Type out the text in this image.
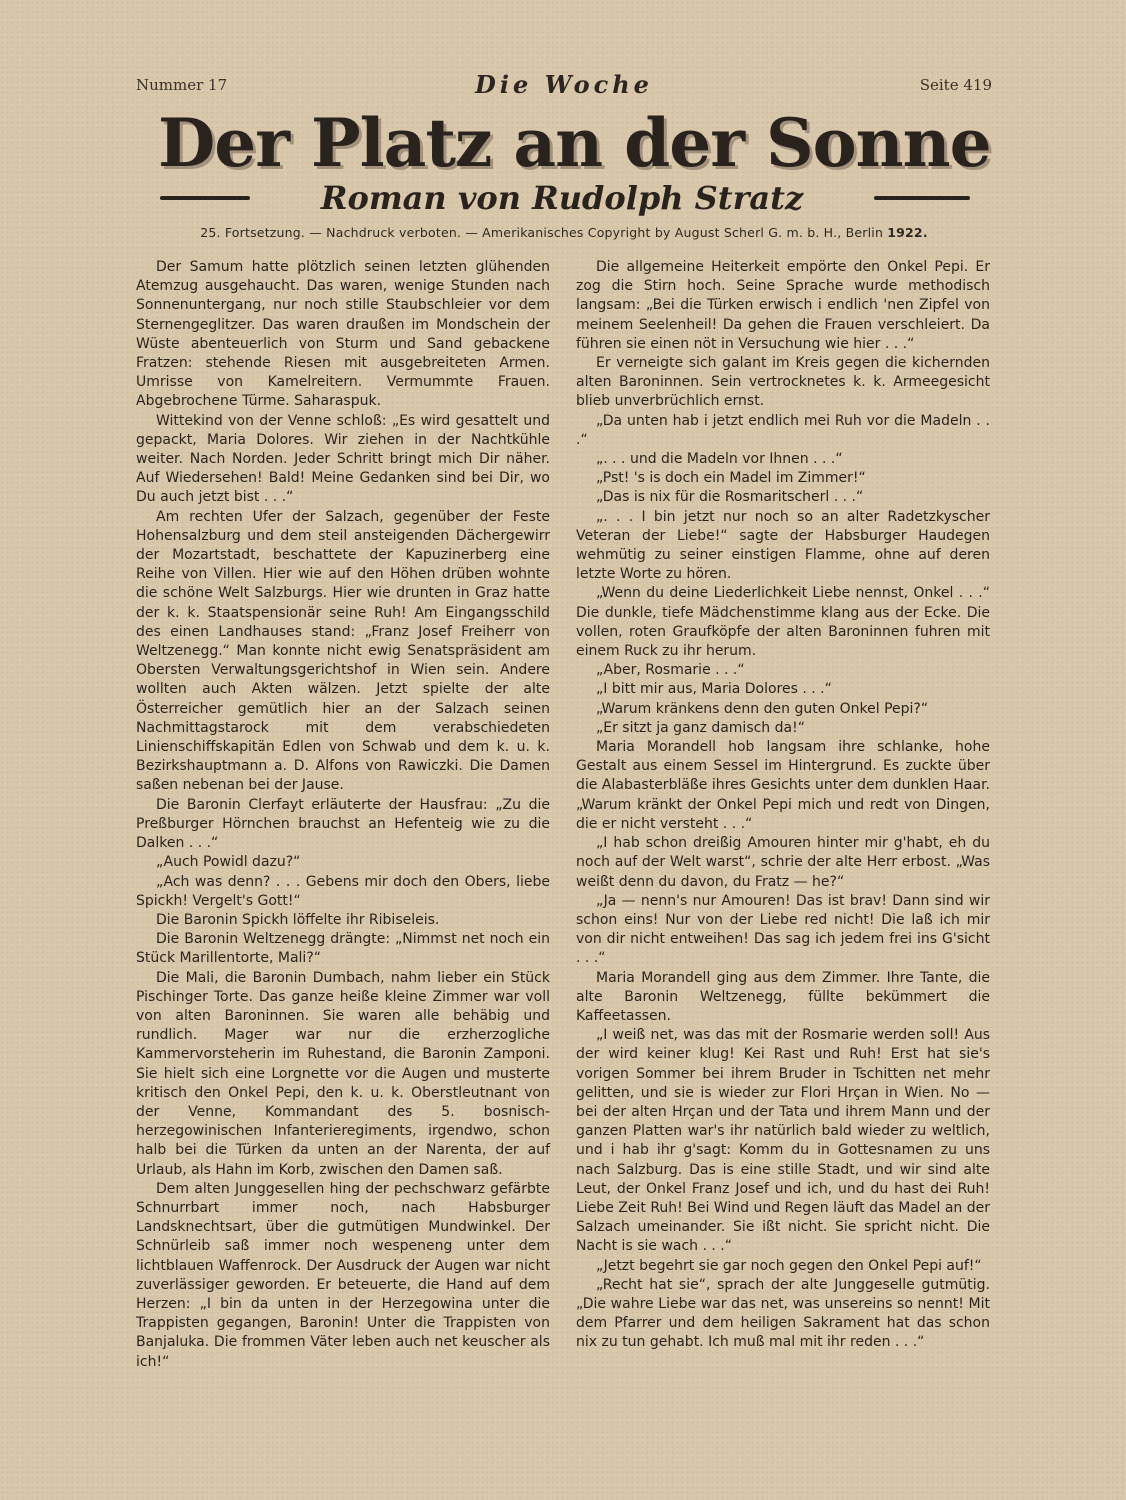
Nummer 17	Die Woche	Seite 419
Der Platz an der Sonne
Roman von Rudolph Stratz
25. Fortsetzung. — Nachdruck verboten. — Amerikanisches Copyright by August Scherl G. m. b. H., Berlin 1922.

Der Samum hatte plötzlich seinen letzten glühenden Atemzug ausgehaucht. Das waren, wenige Stunden nach Sonnenuntergang, nur noch stille Staubschleier vor dem Sternengeglitzer. Das waren draußen im Mondschein der Wüste abenteuerlich von Sturm und Sand gebackene Fratzen: stehende Riesen mit ausgebreiteten Armen. Umrisse von Kamelreitern. Vermummte Frauen. Abgebrochene Türme. Saharaspuk.

Wittekind von der Venne schloß: „Es wird gesattelt und gepackt, Maria Dolores. Wir ziehen in der Nachtkühle weiter. Nach Norden. Jeder Schritt bringt mich Dir näher. Auf Wiedersehen! Bald! Meine Gedanken sind bei Dir, wo Du auch jetzt bist . . .“

Am rechten Ufer der Salzach, gegenüber der Feste Hohensalzburg und dem steil ansteigenden Dächergewirr der Mozartstadt, beschattete der Kapuzinerberg eine Reihe von Villen. Hier wie auf den Höhen drüben wohnte die schöne Welt Salzburgs. Hier wie drunten in Graz hatte der k. k. Staatspensionär seine Ruh! Am Eingangsschild des einen Landhauses stand: „Franz Josef Freiherr von Weltzenegg.“ Man konnte nicht ewig Senatspräsident am Obersten Verwaltungsgerichtshof in Wien sein. Andere wollten auch Akten wälzen. Jetzt spielte der alte Österreicher gemütlich hier an der Salzach seinen Nachmittagstarock mit dem verabschiedeten Linienschiffskapitän Edlen von Schwab und dem k. u. k. Bezirkshauptmann a. D. Alfons von Rawiczki. Die Damen saßen nebenan bei der Jause.

Die Baronin Clerfayt erläuterte der Hausfrau: „Zu die Preßburger Hörnchen brauchst an Hefenteig wie zu die Dalken . . .“

„Auch Powidl dazu?“

„Ach was denn? . . . Gebens mir doch den Obers, liebe Spickh! Vergelt's Gott!“

Die Baronin Spickh löffelte ihr Ribiseleis.

Die Baronin Weltzenegg drängte: „Nimmst net noch ein Stück Marillentorte, Mali?“

Die Mali, die Baronin Dumbach, nahm lieber ein Stück Pischinger Torte. Das ganze heiße kleine Zimmer war voll von alten Baroninnen. Sie waren alle behäbig und rundlich. Mager war nur die erzherzogliche Kammervorsteherin im Ruhestand, die Baronin Zamponi. Sie hielt sich eine Lorgnette vor die Augen und musterte kritisch den Onkel Pepi, den k. u. k. Oberstleutnant von der Venne, Kommandant des 5. bosnisch-herzegowinischen Infanterieregiments, irgendwo, schon halb bei die Türken da unten an der Narenta, der auf Urlaub, als Hahn im Korb, zwischen den Damen saß.

Dem alten Junggesellen hing der pechschwarz gefärbte Schnurrbart immer noch, nach Habsburger Landsknechtsart, über die gutmütigen Mundwinkel. Der Schnürleib saß immer noch wespeneng unter dem lichtblauen Waffenrock. Der Ausdruck der Augen war nicht zuverlässiger geworden. Er beteuerte, die Hand auf dem Herzen: „I bin da unten in der Herzegowina unter die Trappisten gegangen, Baronin! Unter die Trappisten von Banjaluka. Die frommen Väter leben auch net keuscher als ich!“

Die allgemeine Heiterkeit empörte den Onkel Pepi. Er zog die Stirn hoch. Seine Sprache wurde methodisch langsam: „Bei die Türken erwisch i endlich 'nen Zipfel von meinem Seelenheil! Da gehen die Frauen verschleiert. Da führen sie einen nöt in Versuchung wie hier . . .“

Er verneigte sich galant im Kreis gegen die kichernden alten Baroninnen. Sein vertrocknetes k. k. Armeegesicht blieb unverbrüchlich ernst.

„Da unten hab i jetzt endlich mei Ruh vor die Madeln . . .“

„. . . und die Madeln vor Ihnen . . .“

„Pst! 's is doch ein Madel im Zimmer!“

„Das is nix für die Rosmaritscherl . . .“

„. . . I bin jetzt nur noch so an alter Radetzkyscher Veteran der Liebe!“ sagte der Habsburger Haudegen wehmütig zu seiner einstigen Flamme, ohne auf deren letzte Worte zu hören.

„Wenn du deine Liederlichkeit Liebe nennst, Onkel . . .“ Die dunkle, tiefe Mädchenstimme klang aus der Ecke. Die vollen, roten Graufköpfe der alten Baroninnen fuhren mit einem Ruck zu ihr herum.

„Aber, Rosmarie . . .“

„I bitt mir aus, Maria Dolores . . .“

„Warum kränkens denn den guten Onkel Pepi?“

„Er sitzt ja ganz damisch da!“

Maria Morandell hob langsam ihre schlanke, hohe Gestalt aus einem Sessel im Hintergrund. Es zuckte über die Alabasterbläße ihres Gesichts unter dem dunklen Haar. „Warum kränkt der Onkel Pepi mich und redt von Dingen, die er nicht versteht . . .“

„I hab schon dreißig Amouren hinter mir g'habt, eh du noch auf der Welt warst“, schrie der alte Herr erbost. „Was weißt denn du davon, du Fratz — he?“

„Ja — nenn's nur Amouren! Das ist brav! Dann sind wir schon eins! Nur von der Liebe red nicht! Die laß ich mir von dir nicht entweihen! Das sag ich jedem frei ins G'sicht . . .“

Maria Morandell ging aus dem Zimmer. Ihre Tante, die alte Baronin Weltzenegg, füllte bekümmert die Kaffeetassen.

„I weiß net, was das mit der Rosmarie werden soll! Aus der wird keiner klug! Kei Rast und Ruh! Erst hat sie's vorigen Sommer bei ihrem Bruder in Tschitten net mehr gelitten, und sie is wieder zur Flori Hrçan in Wien. No — bei der alten Hrçan und der Tata und ihrem Mann und der ganzen Platten war's ihr natürlich bald wieder zu weltlich, und i hab ihr g'sagt: Komm du in Gottesnamen zu uns nach Salzburg. Das is eine stille Stadt, und wir sind alte Leut, der Onkel Franz Josef und ich, und du hast dei Ruh! Liebe Zeit Ruh! Bei Wind und Regen läuft das Madel an der Salzach umeinander. Sie ißt nicht. Sie spricht nicht. Die Nacht is sie wach . . .“

„Jetzt begehrt sie gar noch gegen den Onkel Pepi auf!“

„Recht hat sie“, sprach der alte Junggeselle gutmütig. „Die wahre Liebe war das net, was unsereins so nennt! Mit dem Pfarrer und dem heiligen Sakrament hat das schon nix zu tun gehabt. Ich muß mal mit ihr reden . . .“
